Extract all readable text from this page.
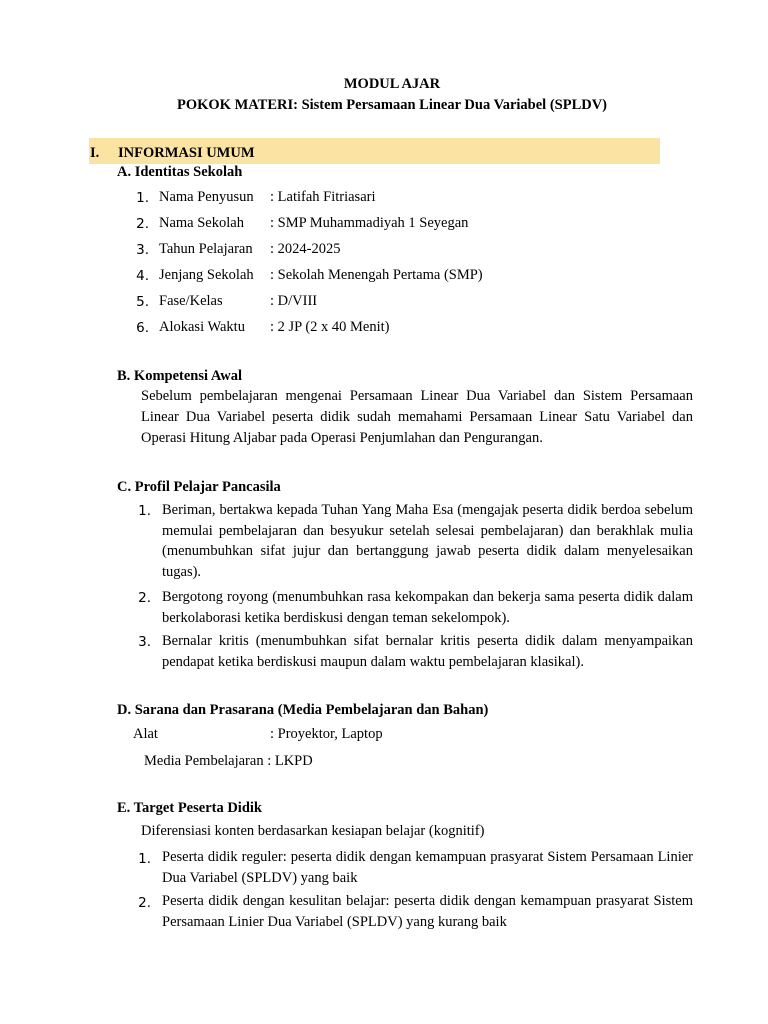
MODUL AJAR
POKOK MATERI: Sistem Persamaan Linear Dua Variabel (SPLDV)
I. INFORMASI UMUM
A. Identitas Sekolah
1. Nama Penyusun : Latifah Fitriasari
2. Nama Sekolah : SMP Muhammadiyah 1 Seyegan
3. Tahun Pelajaran : 2024-2025
4. Jenjang Sekolah : Sekolah Menengah Pertama (SMP)
5. Fase/Kelas	: D/VIII
6. Alokasi Waktu : 2 JP (2 x 40 Menit)
B. Kompetensi Awal
Sebelum pembelajaran mengenai Persamaan Linear Dua Variabel dan Sistem Persamaan Linear Dua Variabel peserta didik sudah memahami Persamaan Linear Satu Variabel dan Operasi Hitung Aljabar pada Operasi Penjumlahan dan Pengurangan.
C. Profil Pelajar Pancasila
1. Beriman, bertakwa kepada Tuhan Yang Maha Esa (mengajak peserta didik berdoa sebelum memulai pembelajaran dan besyukur setelah selesai pembelajaran) dan berakhlak mulia (menumbuhkan sifat jujur dan bertanggung jawab peserta didik dalam menyelesaikan tugas).
2. Bergotong royong (menumbuhkan rasa kekompakan dan bekerja sama peserta didik dalam berkolaborasi ketika berdiskusi dengan teman sekelompok).
3. Bernalar kritis (menumbuhkan sifat bernalar kritis peserta didik dalam menyampaikan pendapat ketika berdiskusi maupun dalam waktu pembelajaran klasikal).
D. Sarana dan Prasarana (Media Pembelajaran dan Bahan)
Alat	: Proyektor, Laptop
Media Pembelajaran : LKPD
E. Target Peserta Didik
Diferensiasi konten berdasarkan kesiapan belajar (kognitif)
1. Peserta didik reguler: peserta didik dengan kemampuan prasyarat Sistem Persamaan Linier Dua Variabel (SPLDV) yang baik
2. Peserta didik dengan kesulitan belajar: peserta didik dengan kemampuan prasyarat Sistem Persamaan Linier Dua Variabel (SPLDV) yang kurang baik
